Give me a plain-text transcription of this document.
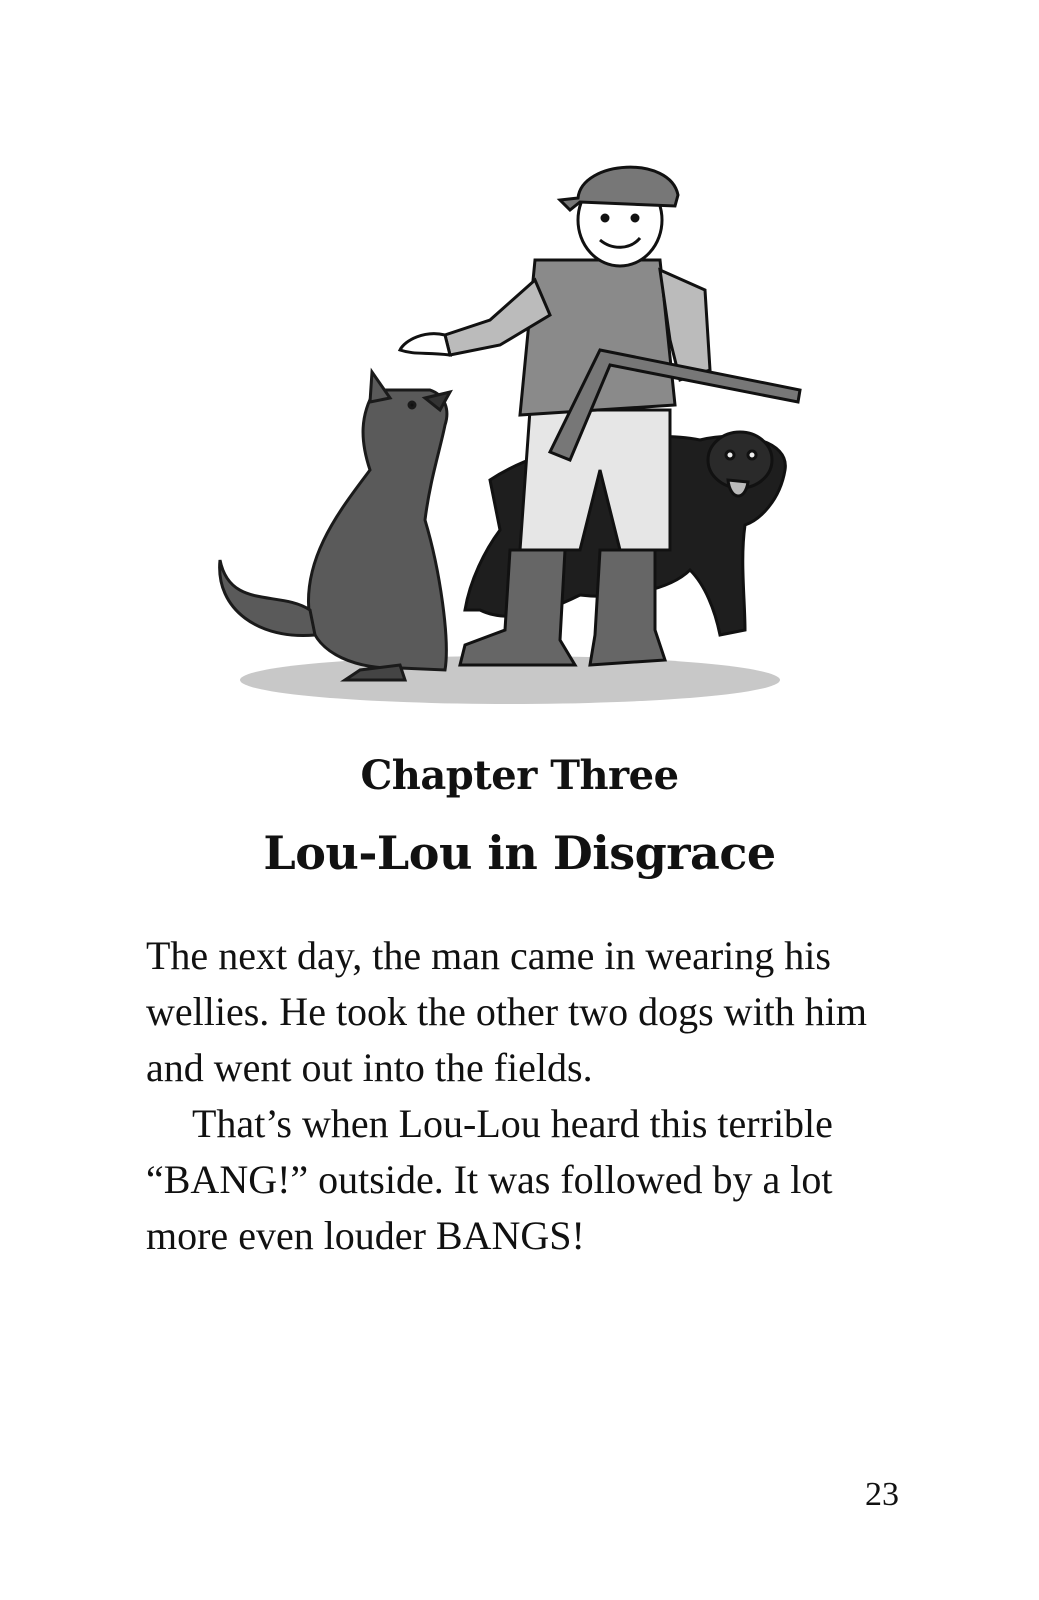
Chapter Three
Lou-Lou in Disgrace

The next day, the man came in wearing his wellies. He took the other two dogs with him and went out into the fields.

That’s when Lou-Lou heard this terrible “BANG!” outside. It was followed by a lot more even louder BANGS!

23
